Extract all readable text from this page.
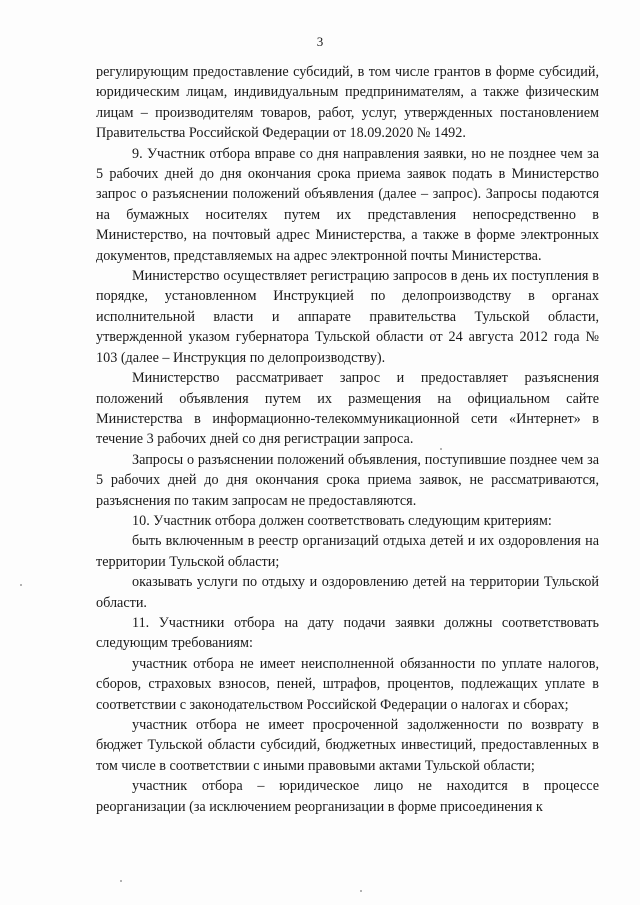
3

регулирующим предоставление субсидий, в том числе грантов в форме субсидий, юридическим лицам, индивидуальным предпринимателям, а также физическим лицам – производителям товаров, работ, услуг, утвержденных постановлением Правительства Российской Федерации от 18.09.2020 № 1492.

9. Участник отбора вправе со дня направления заявки, но не позднее чем за 5 рабочих дней до дня окончания срока приема заявок подать в Министерство запрос о разъяснении положений объявления (далее – запрос). Запросы подаются на бумажных носителях путем их представления непосредственно в Министерство, на почтовый адрес Министерства, а также в форме электронных документов, представляемых на адрес электронной почты Министерства.

Министерство осуществляет регистрацию запросов в день их поступления в порядке, установленном Инструкцией по делопроизводству в органах исполнительной власти и аппарате правительства Тульской области, утвержденной указом губернатора Тульской области от 24 августа 2012 года № 103 (далее – Инструкция по делопроизводству).

Министерство рассматривает запрос и предоставляет разъяснения положений объявления путем их размещения на официальном сайте Министерства в информационно-телекоммуникационной сети «Интернет» в течение 3 рабочих дней со дня регистрации запроса.

Запросы о разъяснении положений объявления, поступившие позднее чем за 5 рабочих дней до дня окончания срока приема заявок, не рассматриваются, разъяснения по таким запросам не предоставляются.

10. Участник отбора должен соответствовать следующим критериям:

быть включенным в реестр организаций отдыха детей и их оздоровления на территории Тульской области;

оказывать услуги по отдыху и оздоровлению детей на территории Тульской области.

11. Участники отбора на дату подачи заявки должны соответствовать следующим требованиям:

участник отбора не имеет неисполненной обязанности по уплате налогов, сборов, страховых взносов, пеней, штрафов, процентов, подлежащих уплате в соответствии с законодательством Российской Федерации о налогах и сборах;

участник отбора не имеет просроченной задолженности по возврату в бюджет Тульской области субсидий, бюджетных инвестиций, предоставленных в том числе в соответствии с иными правовыми актами Тульской области;

участник отбора – юридическое лицо не находится в процессе реорганизации (за исключением реорганизации в форме присоединения к
